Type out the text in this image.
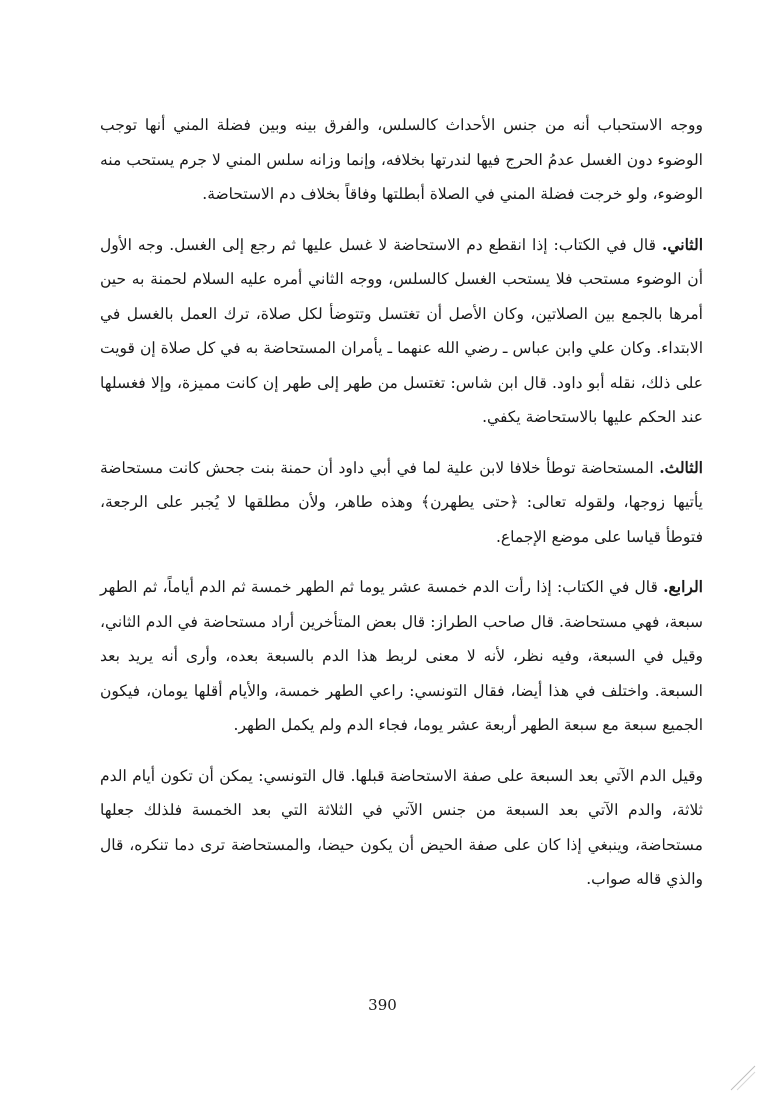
ووجه الاستحباب أنه من جنس الأحداث كالسلس، والفرق بينه وبين فضلة المني أنها توجب الوضوء دون الغسل عدمُ الحرج فيها لندرتها بخلافه، وإنما وزانه سلس المني لا جرم يستحب منه الوضوء، ولو خرجت فضلة المني في الصلاة أبطلتها وفاقاً بخلاف دم الاستحاضة.

الثاني. قال في الكتاب: إذا انقطع دم الاستحاضة لا غسل عليها ثم رجع إلى الغسل. وجه الأول أن الوضوء مستحب فلا يستحب الغسل كالسلس، ووجه الثاني أمره عليه السلام لحمنة به حين أمرها بالجمع بين الصلاتين، وكان الأصل أن تغتسل وتتوضأ لكل صلاة، ترك العمل بالغسل في الابتداء. وكان علي وابن عباس ـ رضي الله عنهما ـ يأمران المستحاضة به في كل صلاة إن قويت على ذلك، نقله أبو داود. قال ابن شاس: تغتسل من طهر إلى طهر إن كانت مميزة، وإلا فغسلها عند الحكم عليها بالاستحاضة يكفي.

الثالث. المستحاضة توطأ خلافا لابن علية لما في أبي داود أن حمنة بنت جحش كانت مستحاضة يأتيها زوجها، ولقوله تعالى: ﴿حتى يطهرن﴾ وهذه طاهر، ولأن مطلقها لا يُجبر على الرجعة، فتوطأ قياسا على موضع الإجماع.

الرابع. قال في الكتاب: إذا رأت الدم خمسة عشر يوما ثم الطهر خمسة ثم الدم أياماً، ثم الطهر سبعة، فهي مستحاضة. قال صاحب الطراز: قال بعض المتأخرين أراد مستحاضة في الدم الثاني، وقيل في السبعة، وفيه نظر، لأنه لا معنى لربط هذا الدم بالسبعة بعده، وأرى أنه يريد بعد السبعة. واختلف في هذا أيضا، فقال التونسي: راعي الطهر خمسة، والأيام أقلها يومان، فيكون الجميع سبعة مع سبعة الطهر أربعة عشر يوما، فجاء الدم ولم يكمل الطهر.

وقيل الدم الآتي بعد السبعة على صفة الاستحاضة قبلها. قال التونسي: يمكن أن تكون أيام الدم ثلاثة، والدم الآتي بعد السبعة من جنس الآتي في الثلاثة التي بعد الخمسة فلذلك جعلها مستحاضة، وينبغي إذا كان على صفة الحيض أن يكون حيضا، والمستحاضة ترى دما تنكره، قال والذي قاله صواب.

390
